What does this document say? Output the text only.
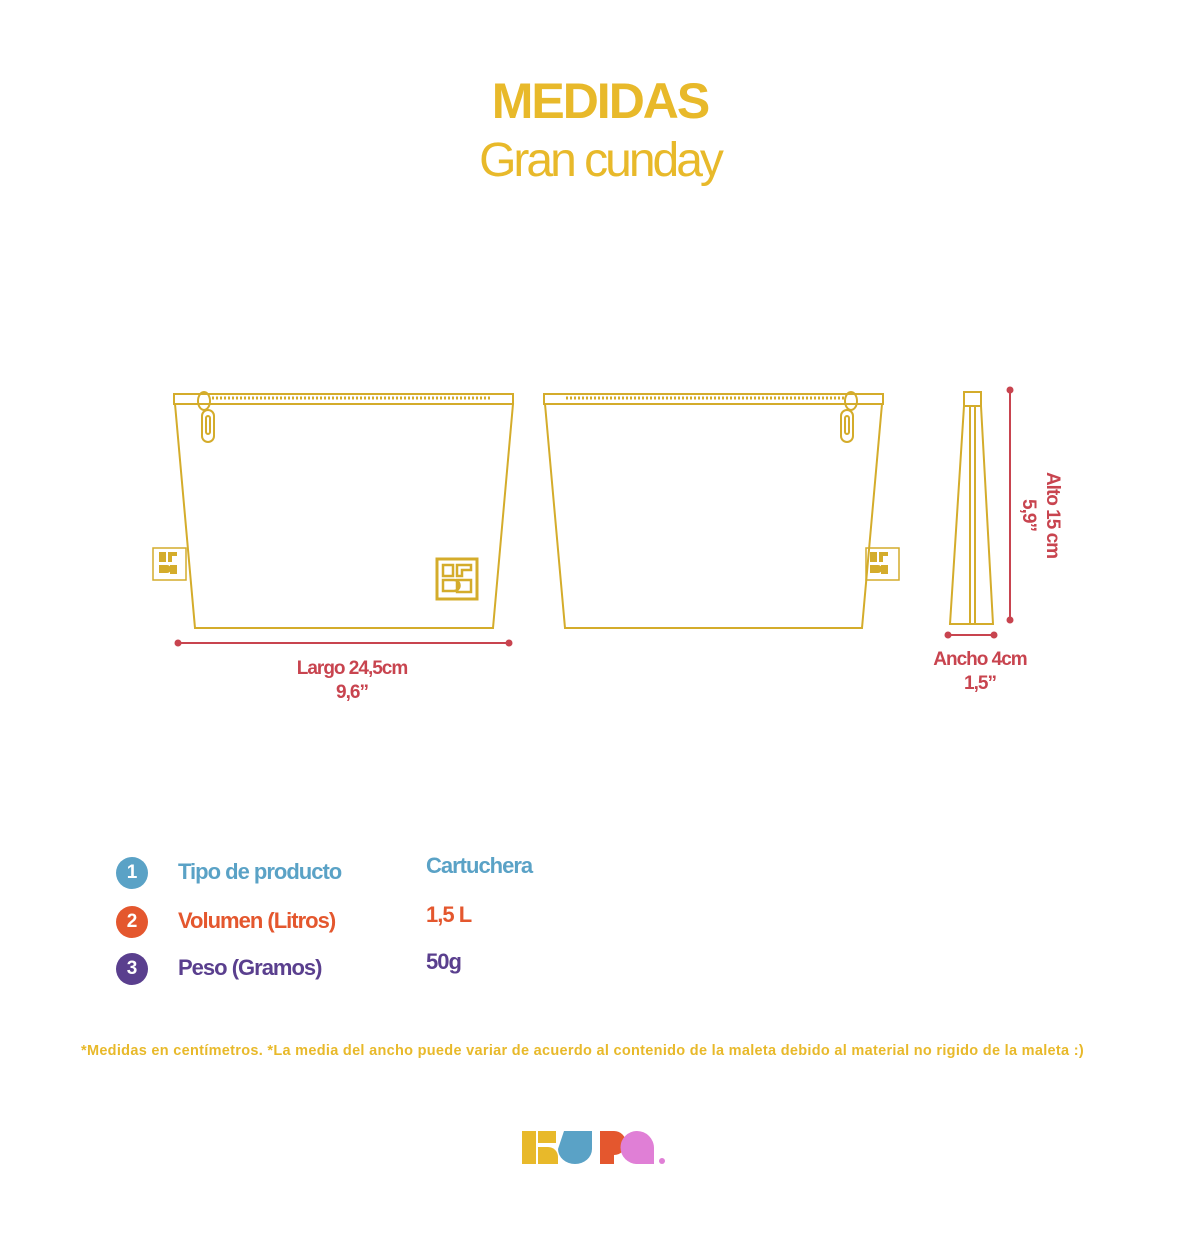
MEDIDAS
Gran cunday
Largo 24,5cm
9,6”
Alto 15 cm
5,9”
Ancho 4cm
1,5”
1	Tipo de producto	Cartuchera
2	Volumen (Litros)	1,5 L
3	Peso (Gramos)	50g
*Medidas en centímetros. *La media del ancho puede variar de acuerdo al contenido de la maleta debido al material no rigido de la maleta :)
